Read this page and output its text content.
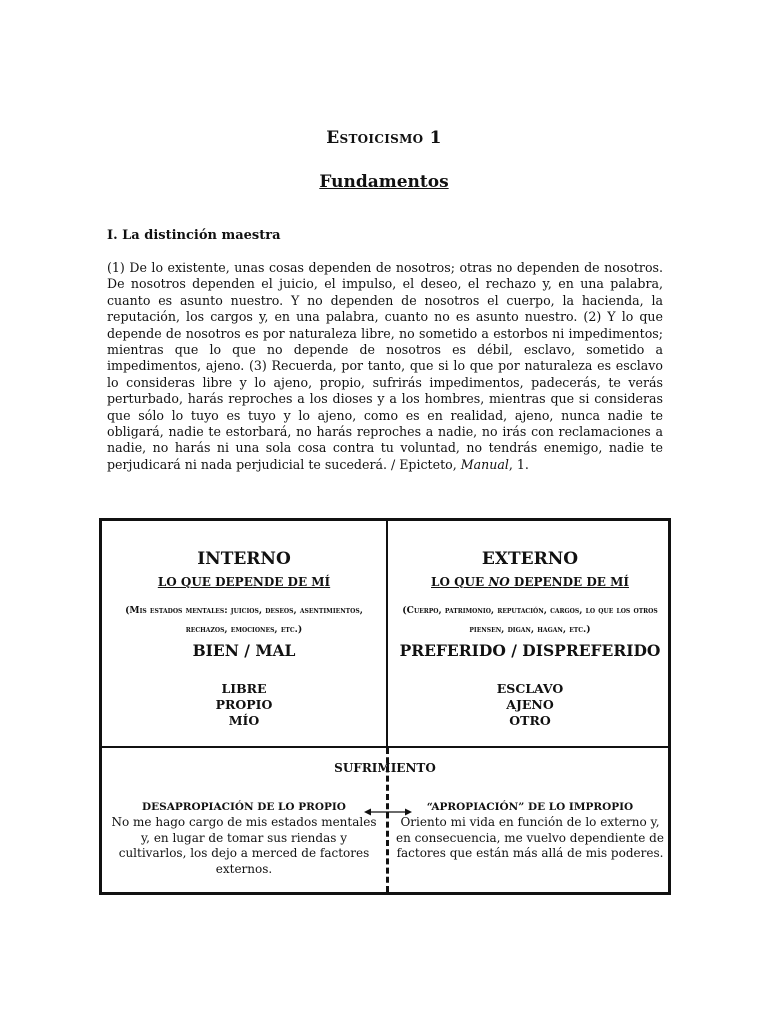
Estoicismo 1
Fundamentos
I. La distinción maestra
(1) De lo existente, unas cosas dependen de nosotros; otras no dependen de nosotros. De nosotros dependen el juicio, el impulso, el deseo, el rechazo y, en una palabra, cuanto es asunto nuestro. Y no dependen de nosotros el cuerpo, la hacienda, la reputación, los cargos y, en una palabra, cuanto no es asunto nuestro. (2) Y lo que depende de nosotros es por naturaleza libre, no sometido a estorbos ni impedimentos; mientras que lo que no depende de nosotros es débil, esclavo, sometido a impedimentos, ajeno. (3) Recuerda, por tanto, que si lo que por naturaleza es esclavo lo consideras libre y lo ajeno, propio, sufrirás impedimentos, padecerás, te verás perturbado, harás reproches a los dioses y a los hombres, mientras que si consideras que sólo lo tuyo es tuyo y lo ajeno, como es en realidad, ajeno, nunca nadie te obligará, nadie te estorbará, no harás reproches a nadie, no irás con reclamaciones a nadie, no harás ni una sola cosa contra tu voluntad, no tendrás enemigo, nadie te perjudicará ni nada perjudicial te sucederá. / Epicteto, Manual, 1.
INTERNO
LO QUE DEPENDE DE MÍ
(Mis estados mentales: juicios, deseos, asentimientos, rechazos, emociones, etc.)
BIEN / MAL
LIBRE
PROPIO
MÍO
EXTERNO
LO QUE NO DEPENDE DE MÍ
(Cuerpo, patrimonio, reputación, cargos, lo que los otros piensen, digan, hagan, etc.)
PREFERIDO / DISPREFERIDO
ESCLAVO
AJENO
OTRO
SUFRIMIENTO
DESAPROPIACIÓN DE LO PROPIO
No me hago cargo de mis estados mentales y, en lugar de tomar sus riendas y cultivarlos, los dejo a merced de factores externos.
“APROPIACIÓN” DE LO IMPROPIO
Oriento mi vida en función de lo externo y, en consecuencia, me vuelvo dependiente de factores que están más allá de mis poderes.
